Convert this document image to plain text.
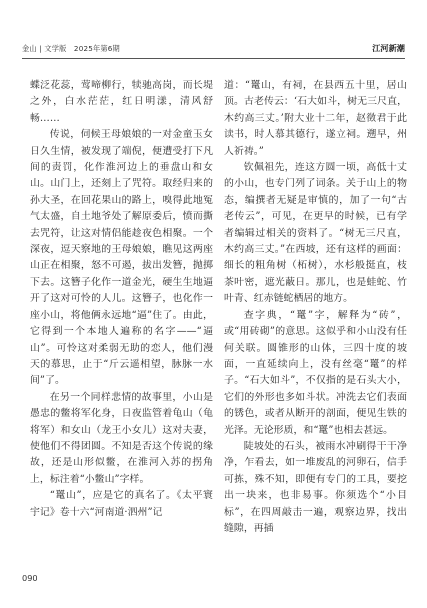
金山 | 文学版　2025年第6期	江河新潮

蝶泛花蕊，莺啼柳行，犊驰高岗，而长堤之外，白水茫茫，红日明漾，清风舒畅……

传说，伺候王母娘娘的一对金童玉女日久生情，被发现了端倪，便遭受打下凡间的责罚，化作淮河边上的垂盘山和女山。山门上，还刻上了咒符。取经归来的孙大圣，在回花果山的路上，嗅得此地冤气太盛，自土地爷处了解原委后，愤而撕去咒符，让这对情侣能趁夜色相聚。一个深夜，逗天察地的王母娘娘，瞧见这两座山正在相聚，怒不可遏，拔出发簪，抛掷下去。这簪子化作一道金光，硬生生地逼开了这对可怜的人儿。这簪子，也化作一座小山，将他俩永远地“逼”住了。由此，它得到一个本地人遍称的名字——“逼山”。可怜这对柔弱无助的恋人，他们漫天的慕思，止于“斤云遥相望，脉脉一水间”了。

在另一个同样悲情的故事里，小山是愚忠的鳖将军化身，日夜监管着龟山（龟将军）和女山（龙王小女儿）这对夫妻，使他们不得团圆。不知是否这个传说的缘故，还是山形似鳖，在淮河入苏的拐角上，标注着“小鳖山”字样。

“鼍山”，应是它的真名了。《太平寰宇记》卷十六“河南道·泗州”记

道：“鼍山，有祠，在县西五十里，居山顶。古老传云：‘石大如斗，树无三尺直，木约高三丈。’附大业十二年，赵徵君于此读书，时人慕其德行，遂立祠。遡早，州人祈祷。”

钦佩祖先，连这方圆一顷，高低十丈的小山，也专门列了词条。关于山上的物态，编撰者无疑是审慎的，加了一句“古老传云”，可见，在更早的时候，已有学者编辑过相关的资料了。“树无三尺直，木约高三丈。”在西坡，还有这样的画面：细长的粗角树（柘树），水杉般挺直，枝茶叶密，遮光蔽日。那儿，也是蛙蛇、竹叶青、红赤链蛇栖居的地方。

查字典，“鼍”字，解释为“砖”，或“用砖砌”的意思。这似乎和小山没有任何关联。圆锥形的山体，三四十度的坡面，一直延续向上，没有丝毫“鼍”的样子。“石大如斗”，不仅指的是石头大小，它们的外形也多如斗状。冲洗去它们表面的锈色，或者从断开的剖面，便见生铁的光泽。无论形质，和“鼍”也相去甚远。

陡坡处的石头，被雨水冲刷得干干净净，乍看去，如一堆废乱的河卵石，信手可拣，殊不知，即便有专门的工具，要挖出一块来，也非易事。你须选个“小目标”，在四周敲击一遍，观察边界，找出缝隙，再插

090
